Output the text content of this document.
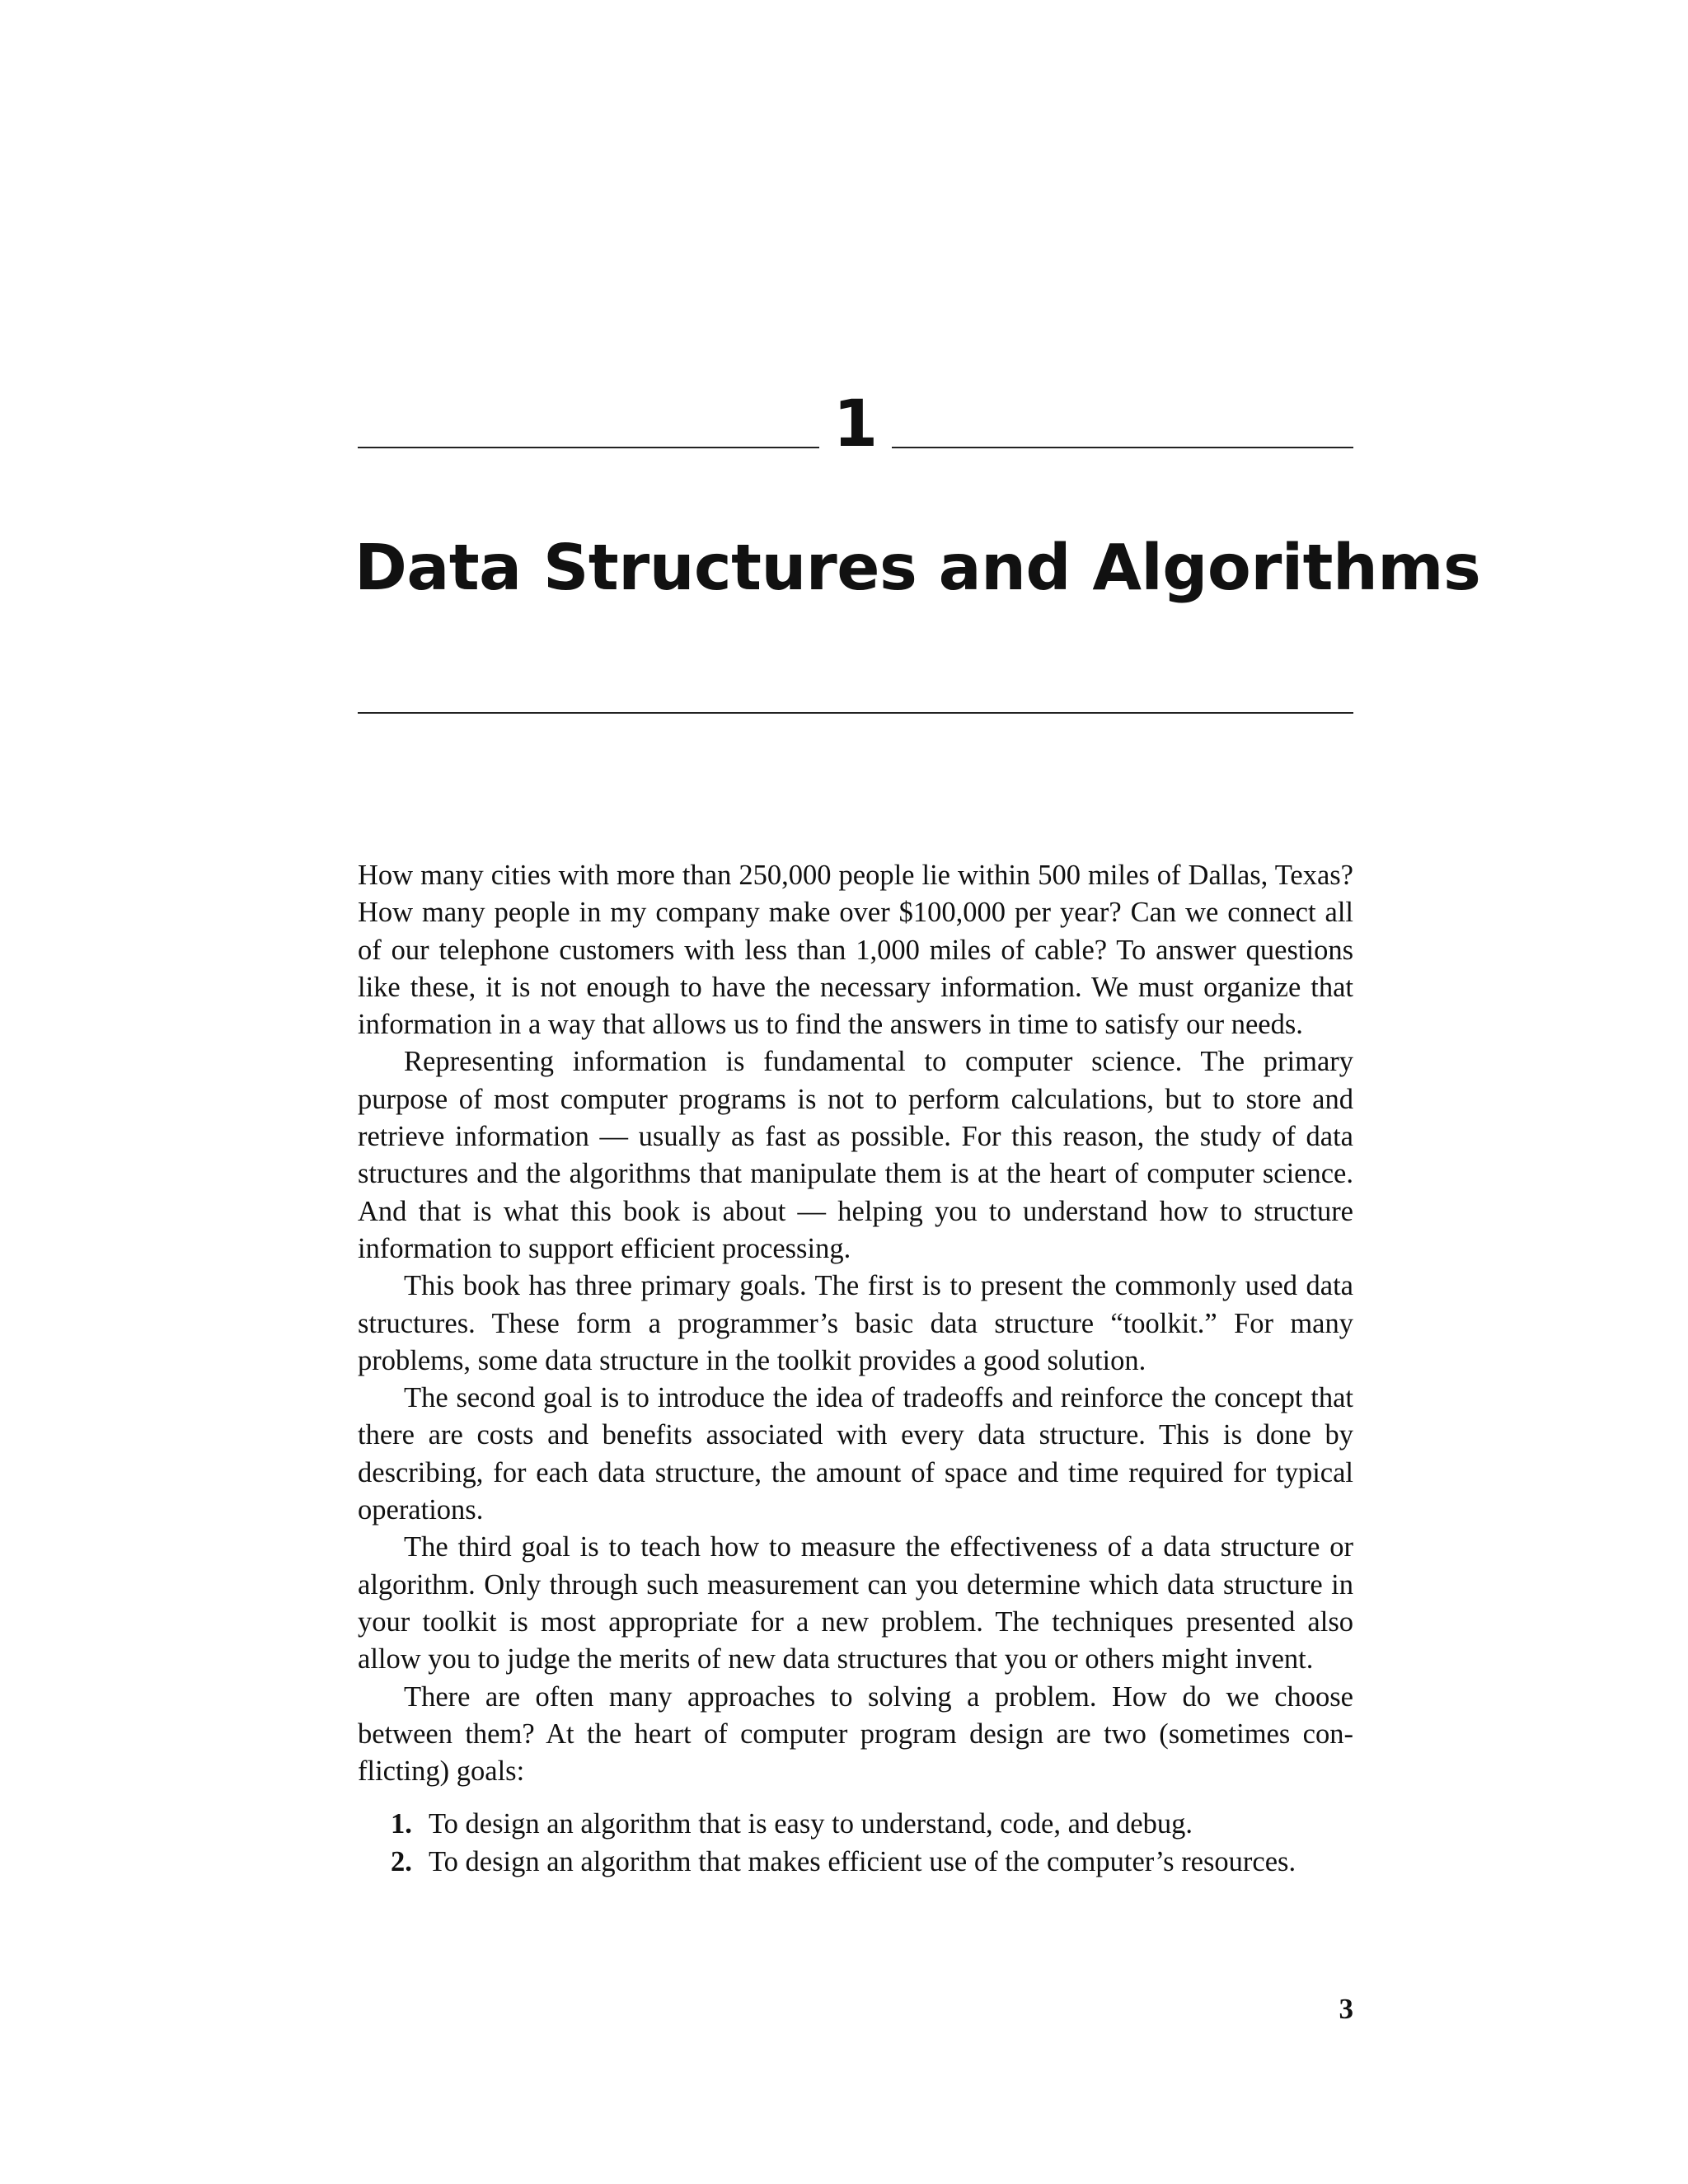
1
Data Structures and Algorithms

How many cities with more than 250,000 people lie within 500 miles of Dallas, Texas? How many people in my company make over $100,000 per year? Can we connect all of our telephone customers with less than 1,000 miles of cable? To answer questions like these, it is not enough to have the necessary information. We must organize that information in a way that allows us to find the answers in time to satisfy our needs.

Representing information is fundamental to computer science. The primary purpose of most computer programs is not to perform calculations, but to store and retrieve information — usually as fast as possible. For this reason, the study of data structures and the algorithms that manipulate them is at the heart of computer science. And that is what this book is about — helping you to understand how to structure information to support efficient processing.

This book has three primary goals. The first is to present the commonly used data structures. These form a programmer’s basic data structure “toolkit.” For many problems, some data structure in the toolkit provides a good solution.

The second goal is to introduce the idea of tradeoffs and reinforce the concept that there are costs and benefits associated with every data structure. This is done by describing, for each data structure, the amount of space and time required for typical operations.

The third goal is to teach how to measure the effectiveness of a data structure or algorithm. Only through such measurement can you determine which data structure in your toolkit is most appropriate for a new problem. The techniques presented also allow you to judge the merits of new data structures that you or others might invent.

There are often many approaches to solving a problem. How do we choose between them? At the heart of computer program design are two (sometimes conflicting) goals:

1. To design an algorithm that is easy to understand, code, and debug.
2. To design an algorithm that makes efficient use of the computer’s resources.
3
